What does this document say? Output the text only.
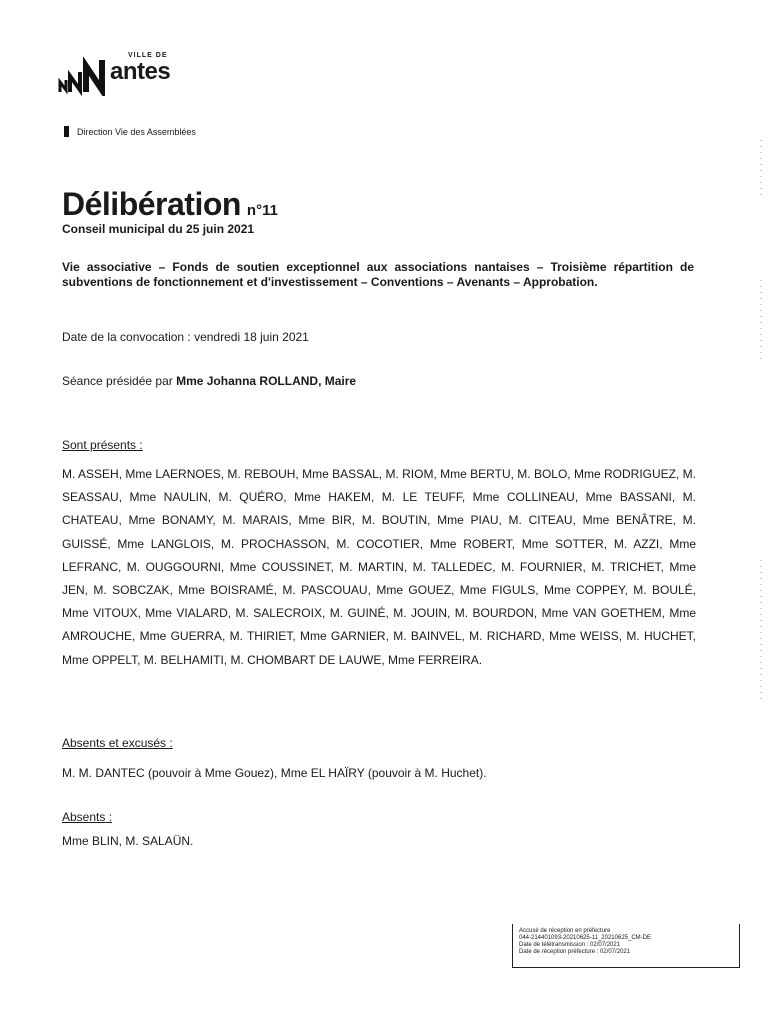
VILLE DE
antes
Direction Vie des Assemblées
Délibération n°11
Conseil municipal du 25 juin 2021
Vie associative – Fonds de soutien exceptionnel aux associations nantaises – Troisième répartition de subventions de fonctionnement et d'investissement – Conventions – Avenants – Approbation.
Date de la convocation : vendredi 18 juin 2021
Séance présidée par Mme Johanna ROLLAND, Maire
Sont présents :
M. ASSEH, Mme LAERNOES, M. REBOUH, Mme BASSAL, M. RIOM, Mme BERTU, M. BOLO, Mme RODRIGUEZ, M. SEASSAU, Mme NAULIN, M. QUÉRO, Mme HAKEM, M. LE TEUFF, Mme COLLINEAU, Mme BASSANI, M. CHATEAU, Mme BONAMY, M. MARAIS, Mme BIR, M. BOUTIN, Mme PIAU, M. CITEAU, Mme BENÂTRE, M. GUISSÉ, Mme LANGLOIS, M. PROCHASSON, M. COCOTIER, Mme ROBERT, Mme SOTTER, M. AZZI, Mme LEFRANC, M. OUGGOURNI, Mme COUSSINET, M. MARTIN, M. TALLEDEC, M. FOURNIER, M. TRICHET, Mme JEN, M. SOBCZAK, Mme BOISRAMÉ, M. PASCOUAU, Mme GOUEZ, Mme FIGULS, Mme COPPEY, M. BOULÉ, Mme VITOUX, Mme VIALARD, M. SALECROIX, M. GUINÉ, M. JOUIN, M. BOURDON, Mme VAN GOETHEM, Mme AMROUCHE, Mme GUERRA, M. THIRIET, Mme GARNIER, M. BAINVEL, M. RICHARD, Mme WEISS, M. HUCHET, Mme OPPELT, M. BELHAMITI, M. CHOMBART DE LAUWE, Mme FERREIRA.
Absents et excusés :
M. M. DANTEC (pouvoir à Mme Gouez), Mme EL HAÏRY (pouvoir à M. Huchet).
Absents :
Mme BLIN, M. SALAÜN.
Accusé de réception en préfecture
044-214401093-20210625-11_20210625_CM-DE
Date de télétransmission : 02/07/2021
Date de réception préfecture : 02/07/2021
